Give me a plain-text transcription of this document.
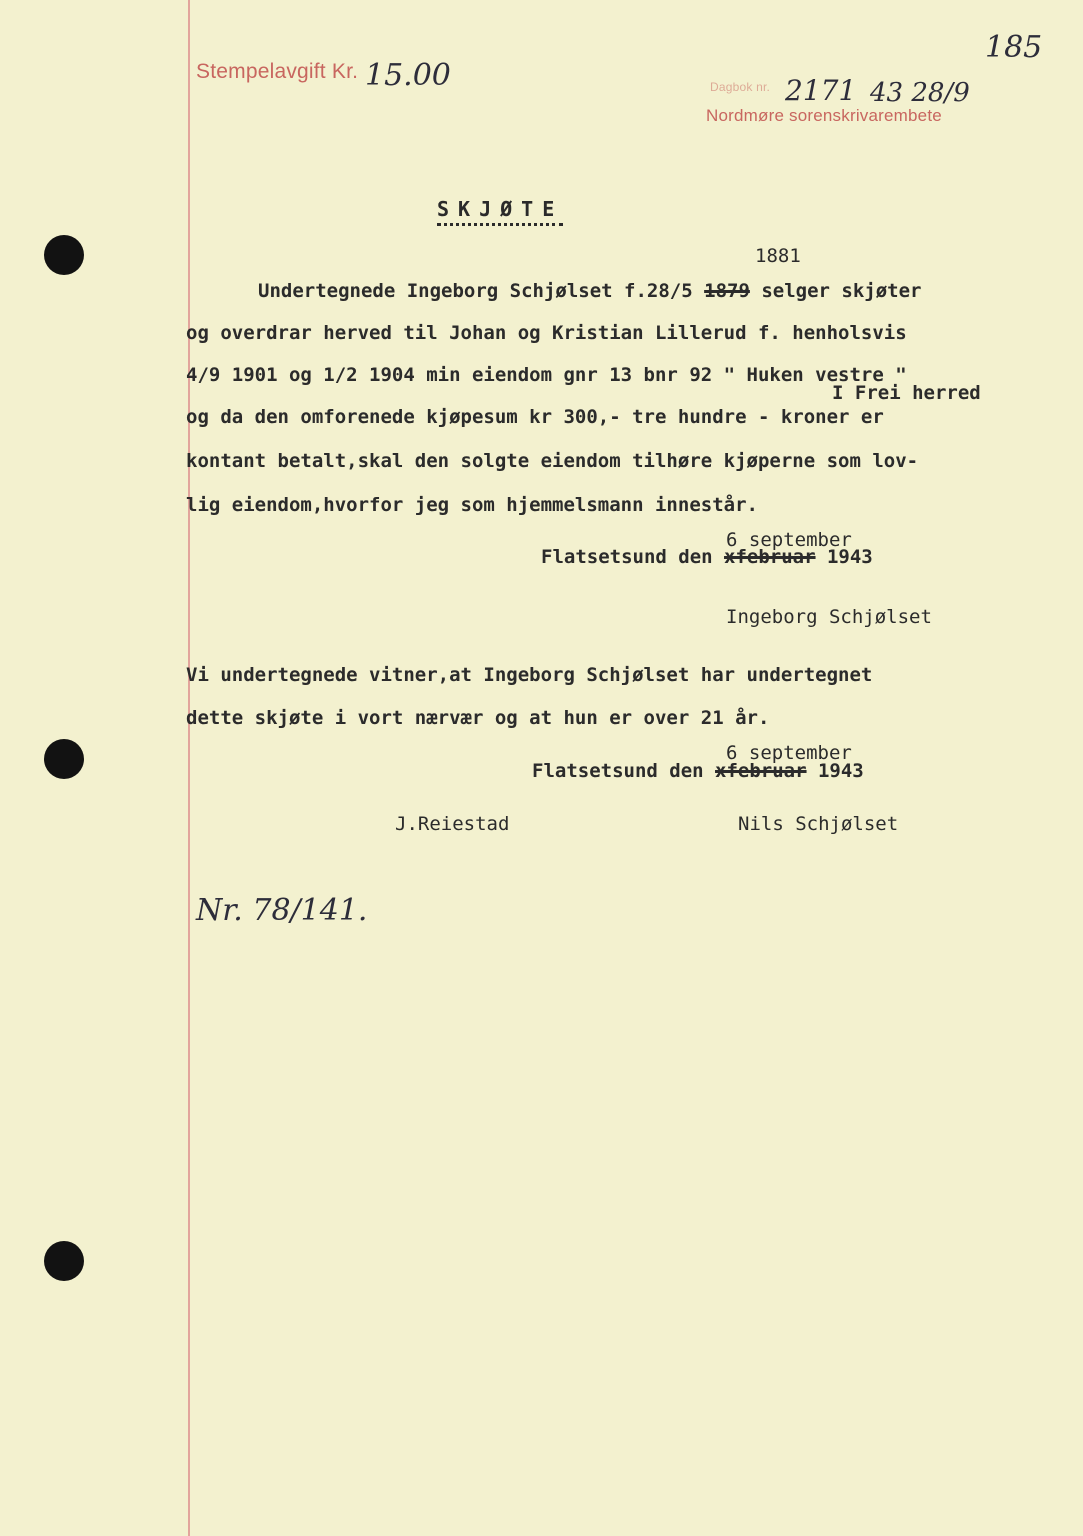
Stempelavgift Kr. 15.00
185
Dagbok nr. 2171 43 28/9
Nordmøre sorenskrivarembete
SKJØTE
1881
Undertegnede Ingeborg Schjølset f.28/5 1879 selger skjøter
og overdrar herved til Johan og Kristian Lillerud f. henholsvis
4/9 1901 og 1/2 1904 min eiendom gnr 13 bnr 92 " Huken vestre "
I Frei herred
og da den omforenede kjøpesum kr 300,- tre hundre - kroner er
kontant betalt,skal den solgte eiendom tilhøre kjøperne som lov-
lig eiendom,hvorfor jeg som hjemmelsmann innestår.
6 september
Flatsetsund den xfebruar 1943
Ingeborg Schjølset
Vi undertegnede vitner,at Ingeborg Schjølset har undertegnet
dette skjøte i vort nærvær og at hun er over 21 år.
6 september
Flatsetsund den xfebruar 1943
J.Reiestad	Nils Schjølset
Nr. 78/141.
